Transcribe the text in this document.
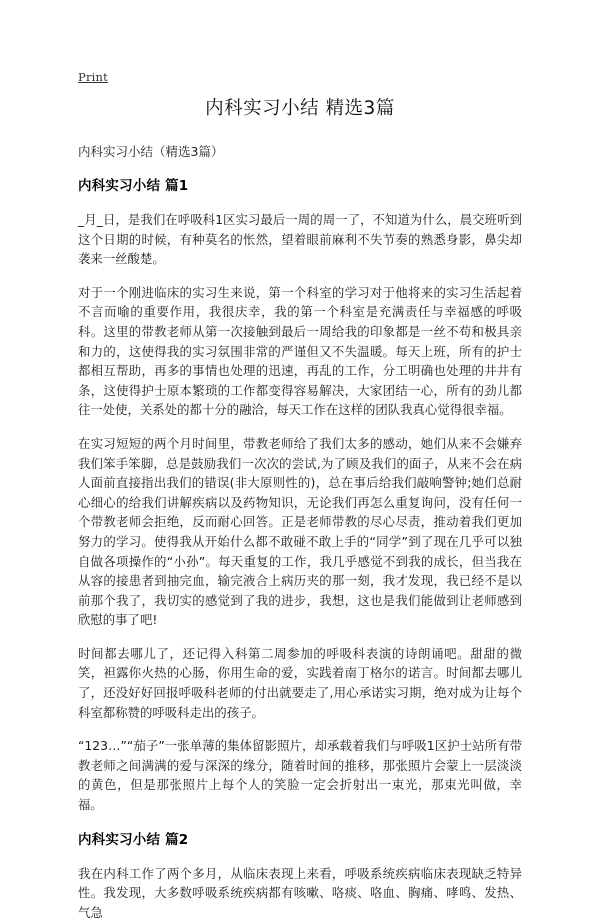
Print
内科实习小结 精选3篇

内科实习小结（精选3篇）

内科实习小结 篇1

_月_日，是我们在呼吸科1区实习最后一周的周一了，不知道为什么，晨交班听到这个日期的时候，有种莫名的怅然，望着眼前麻利不失节奏的熟悉身影，鼻尖却袭来一丝酸楚。

对于一个刚进临床的实习生来说，第一个科室的学习对于他将来的实习生活起着不言而喻的重要作用，我很庆幸，我的第一个科室是充满责任与幸福感的呼吸科。这里的带教老师从第一次接触到最后一周给我的印象都是一丝不苟和极具亲和力的，这使得我的实习氛围非常的严谨但又不失温暖。每天上班，所有的护士都相互帮助，再多的事情也处理的迅速，再乱的工作，分工明确也处理的井井有条，这使得护士原本繁琐的工作都变得容易解决，大家团结一心，所有的劲儿都往一处使，关系处的都十分的融洽，每天工作在这样的团队我真心觉得很幸福。

在实习短短的两个月时间里，带教老师给了我们太多的感动，她们从来不会嫌弃我们笨手笨脚，总是鼓励我们一次次的尝试,为了顾及我们的面子，从来不会在病人面前直接指出我们的错误(非大原则性的)，总在事后给我们敲响警钟;她们总耐心细心的给我们讲解疾病以及药物知识，无论我们再怎么重复询问，没有任何一个带教老师会拒绝，反而耐心回答。正是老师带教的尽心尽责，推动着我们更加努力的学习。使得我从开始什么都不敢碰不敢上手的“同学”到了现在几乎可以独自做各项操作的“小孙”。每天重复的工作，我几乎感觉不到我的成长，但当我在从容的接患者到抽完血，输完液合上病历夹的那一刻，我才发现，我已经不是以前那个我了，我切实的感觉到了我的进步，我想，这也是我们能做到让老师感到欣慰的事了吧!

时间都去哪儿了，还记得入科第二周参加的呼吸科表演的诗朗诵吧。甜甜的微笑，袒露你火热的心肠，你用生命的爱，实践着南丁格尔的诺言。时间都去哪儿了，还没好好回报呼吸科老师的付出就要走了,用心承诺实习期，绝对成为让每个科室都称赞的呼吸科走出的孩子。

“123…”“茄子”一张单薄的集体留影照片，却承载着我们与呼吸1区护士站所有带教老师之间满满的爱与深深的缘分，随着时间的推移，那张照片会蒙上一层淡淡的黄色，但是那张照片上每个人的笑脸一定会折射出一束光，那束光叫做，幸福。

内科实习小结 篇2

我在内科工作了两个多月，从临床表现上来看，呼吸系统疾病临床表现缺乏特异性。我发现，大多数呼吸系统疾病都有咳嗽、咯痰、咯血、胸痛、哮鸣、发热、气急
